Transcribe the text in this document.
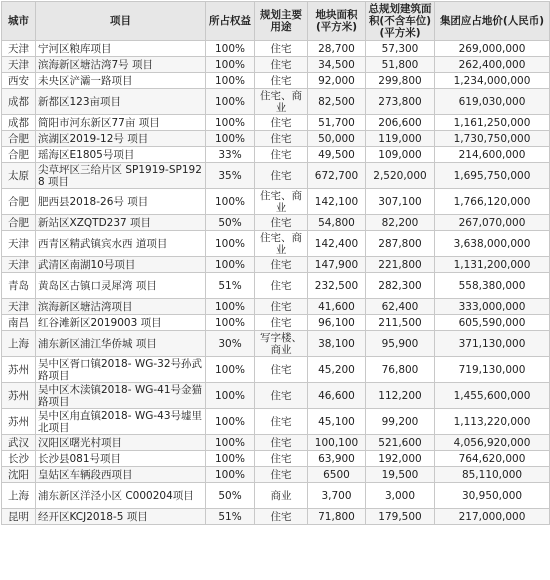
城市	项目	所占权益	规划主要用途	地块面积(平方米)	总规划建筑面积(不含车位)(平方米)	集团应占地价(人民币)
天津	宁河区粮库项目	100%	住宅	28,700	57,300	269,000,000
天津	滨海新区塘沽湾7号 项目	100%	住宅	34,500	51,800	262,400,000
西安	未央区浐灞一路项目	100%	住宅	92,000	299,800	1,234,000,000
成都	新都区123亩项目	100%	住宅、商业	82,500	273,800	619,030,000
成都	简阳市河东新区77亩 项目	100%	住宅	51,700	206,600	1,161,250,000
合肥	滨湖区2019-12号 项目	100%	住宅	50,000	119,000	1,730,750,000
合肥	瑶海区E1805号项目	33%	住宅	49,500	109,000	214,600,000
太原	尖草坪区三给片区 SP1919-SP1928 项目	35%	住宅	672,700	2,520,000	1,695,750,000
合肥	肥西县2018-26号 项目	100%	住宅、商业	142,100	307,100	1,766,120,000
合肥	新站区XZQTD237 项目	50%	住宅	54,800	82,200	267,070,000
天津	西青区精武镇宾水西 道项目	100%	住宅、商业	142,400	287,800	3,638,000,000
天津	武清区南湖10号项目	100%	住宅	147,900	221,800	1,131,200,000
青岛	黄岛区古镇口灵犀湾 项目	51%	住宅	232,500	282,300	558,380,000
天津	滨海新区塘沽湾项目	100%	住宅	41,600	62,400	333,000,000
南昌	红谷滩新区2019003 项目	100%	住宅	96,100	211,500	605,590,000
上海	浦东新区浦江华侨城 项目	30%	写字楼、商业	38,100	95,900	371,130,000
苏州	吴中区胥口镇2018- WG-32号孙武路项目	100%	住宅	45,200	76,800	719,130,000
苏州	吴中区木渎镇2018- WG-41号金猫路项目	100%	住宅	46,600	112,200	1,455,600,000
苏州	吴中区甪直镇2018- WG-43号墟里北项目	100%	住宅	45,100	99,200	1,113,220,000
武汉	汉阳区曙光村项目	100%	住宅	100,100	521,600	4,056,920,000
长沙	长沙县081号项目	100%	住宅	63,900	192,000	764,620,000
沈阳	皇姑区车辆段西项目	100%	住宅	6500	19,500	85,110,000
上海	浦东新区洋泾小区 C000204项目	50%	商业	3,700	3,000	30,950,000
昆明	经开区KCJ2018-5 项目	51%	住宅	71,800	179,500	217,000,000
